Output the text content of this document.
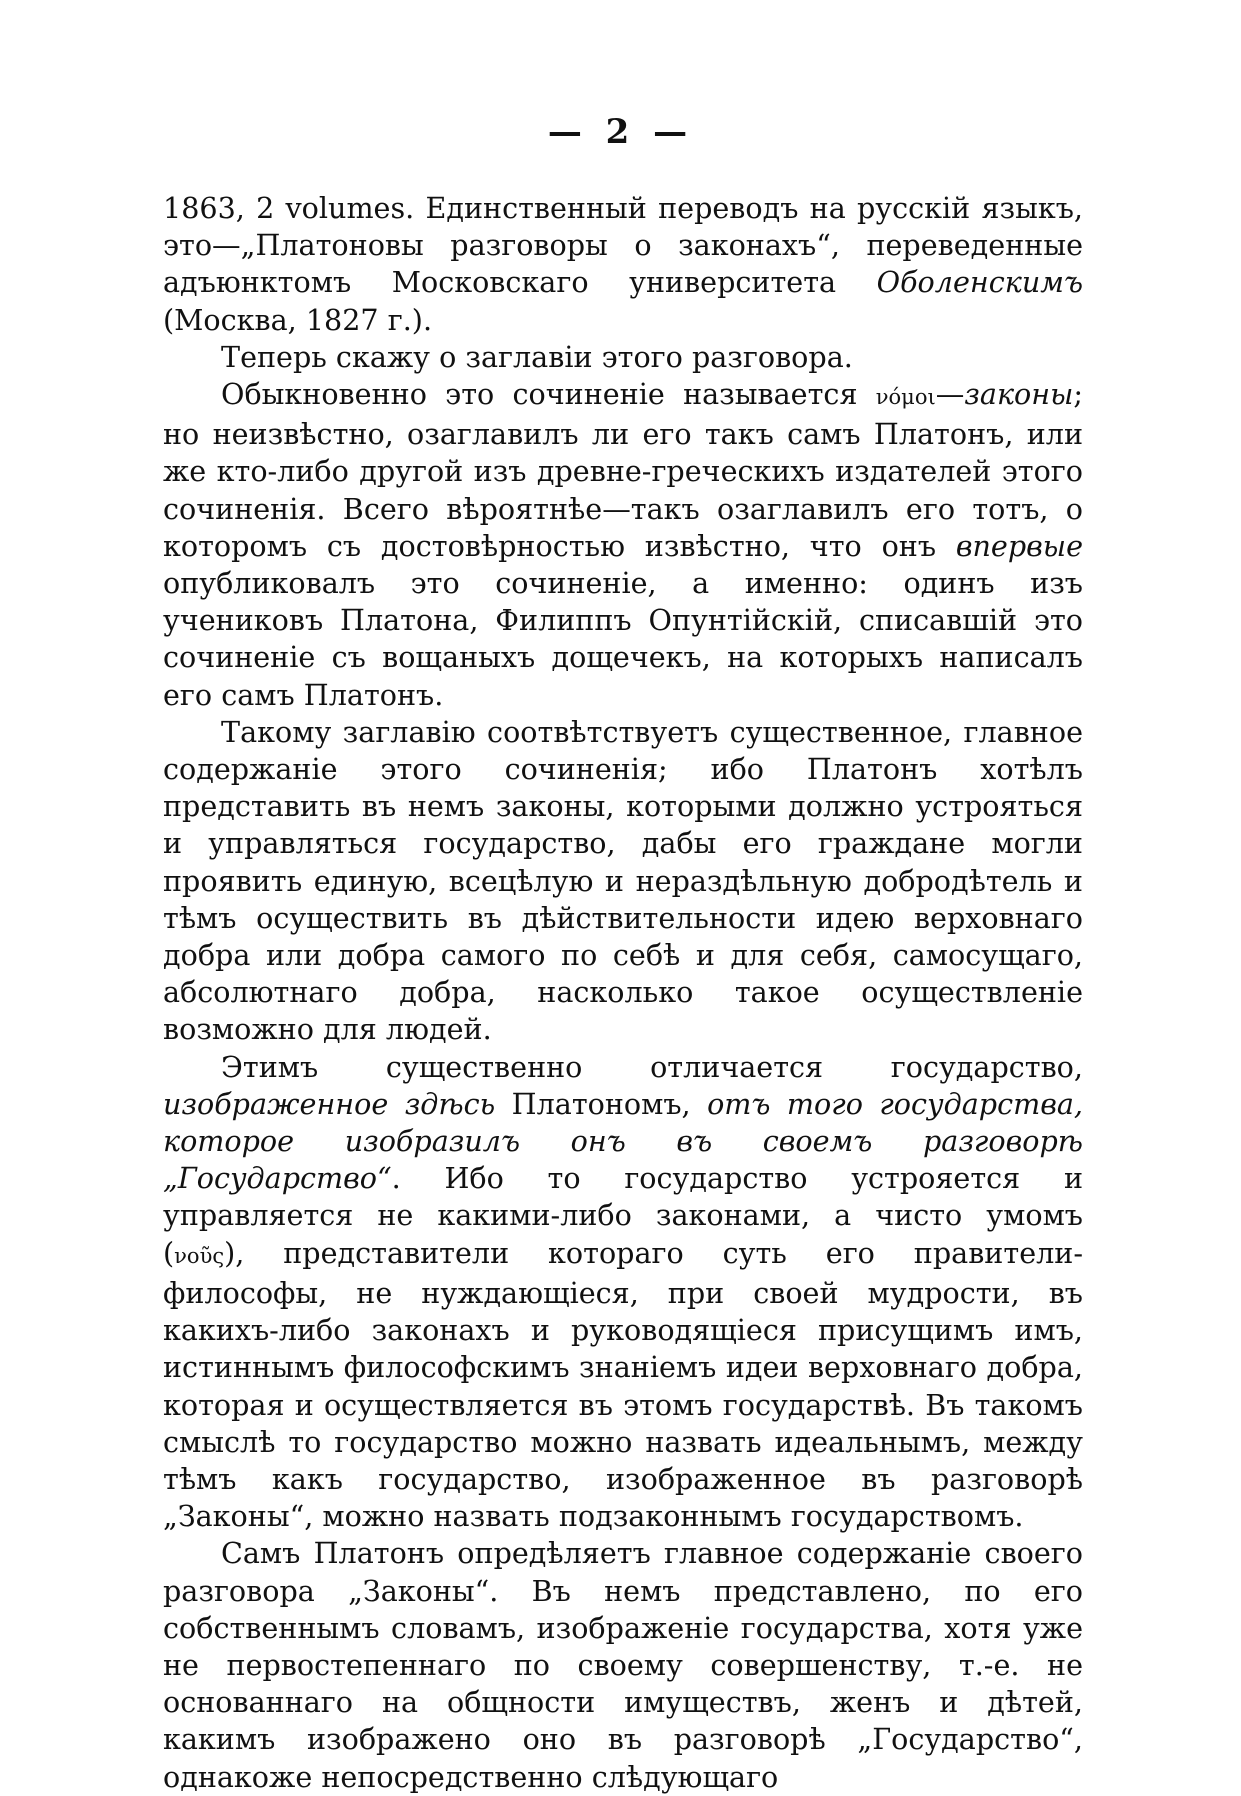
— 2 —

1863, 2 volumes. Единственный переводъ на русскій языкъ, это—„Платоновы разговоры о законахъ“, переведенные адъюнктомъ Московскаго университета Оболенскимъ (Москва, 1827 г.).

Теперь скажу о заглавіи этого разговора.

Обыкновенно это сочиненіе называется νόμοι—законы; но неизвѣстно, озаглавилъ ли его такъ самъ Платонъ, или же кто-либо другой изъ древне-греческихъ издателей этого сочиненія. Всего вѣроятнѣе—такъ озаглавилъ его тотъ, о которомъ съ достовѣрностью извѣстно, что онъ впервые опубликовалъ это сочиненіе, а именно: одинъ изъ учениковъ Платона, Филиппъ Опунтійскій, списавшій это сочиненіе съ вощаныхъ дощечекъ, на которыхъ написалъ его самъ Платонъ.

Такому заглавію соотвѣтствуетъ существенное, главное содержаніе этого сочиненія; ибо Платонъ хотѣлъ представить въ немъ законы, которыми должно устрояться и управляться государство, дабы его граждане могли проявить единую, всецѣлую и нераздѣльную добродѣтель и тѣмъ осуществить въ дѣйствительности идею верховнаго добра или добра самого по себѣ и для себя, самосущаго, абсолютнаго добра, насколько такое осуществленіе возможно для людей.

Этимъ существенно отличается государство, изображенное здѣсь Платономъ, отъ того государства, которое изобразилъ онъ въ своемъ разговорѣ „Государство“. Ибо то государство устрояется и управляется не какими-либо законами, а чисто умомъ (νοῦς), представители котораго суть его правители-философы, не нуждающіеся, при своей мудрости, въ какихъ-либо законахъ и руководящіеся присущимъ имъ, истиннымъ философскимъ знаніемъ идеи верховнаго добра, которая и осуществляется въ этомъ государствѣ. Въ такомъ смыслѣ то государство можно назвать идеальнымъ, между тѣмъ какъ государство, изображенное въ разговорѣ „Законы“, можно назвать подзаконнымъ государствомъ.

Самъ Платонъ опредѣляетъ главное содержаніе своего разговора „Законы“. Въ немъ представлено, по его собственнымъ словамъ, изображеніе государства, хотя уже не первостепеннаго по своему совершенству, т.-е. не основаннаго на общности имуществъ, женъ и дѣтей, какимъ изображено оно въ разговорѣ „Государство“, однакоже непосредственно слѣдующаго
